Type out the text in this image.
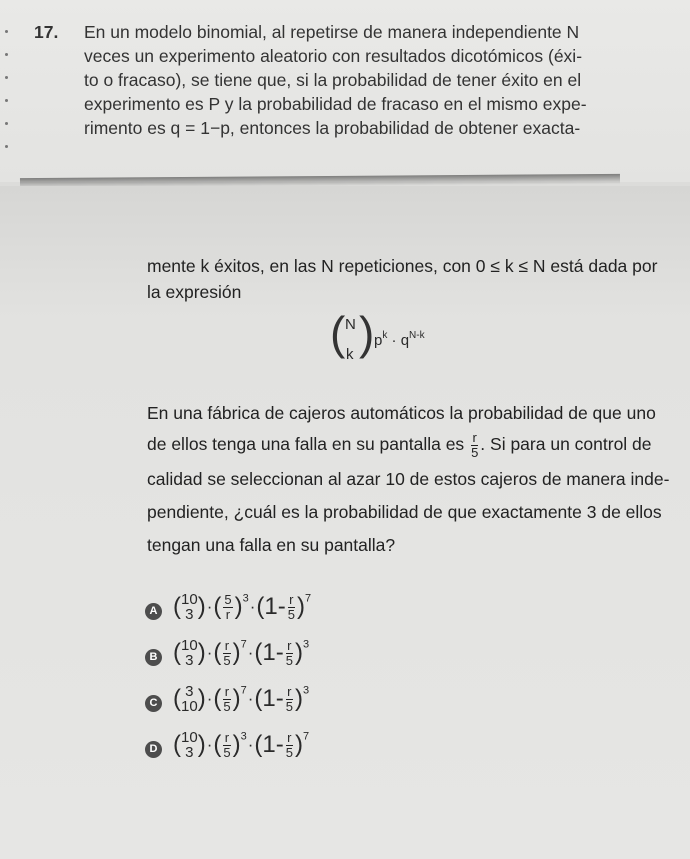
17. En un modelo binomial, al repetirse de manera independiente N
veces un experimento aleatorio con resultados dicotómicos (éxi-
to o fracaso), se tiene que, si la probabilidad de tener éxito en el
experimento es P y la probabilidad de fracaso en el mismo expe-
rimento es q = 1−p, entonces la probabilidad de obtener exacta-
mente k éxitos, en las N repeticiones, con 0 ≤ k ≤ N está dada por
la expresión
( N
k ) $p^k \cdot q^{N-k}$
En una fábrica de cajeros automáticos la probabilidad de que uno
de ellos tenga una falla en su pantalla es $\frac{r}{5}$ . Si para un control de
calidad se seleccionan al azar 10 de estos cajeros de manera inde-
pendiente, ¿cuál es la probabilidad de que exactamente 3 de ellos
tengan una falla en su pantalla?
A ( 10
3 )·( $\frac{5}{r} )^3\cdot(1- \frac{r}{5} )^7$
B ( 10
3 )·( $\frac{r}{5} )^7\cdot(1- \frac{r}{5} )^3$
C ( 3
10 )·( $\frac{r}{5} )^7\cdot(1- \frac{r}{5} )^3$
D ( 10
3 )·( $\frac{r}{5} )^3\cdot(1- \frac{r}{5} )^7$
